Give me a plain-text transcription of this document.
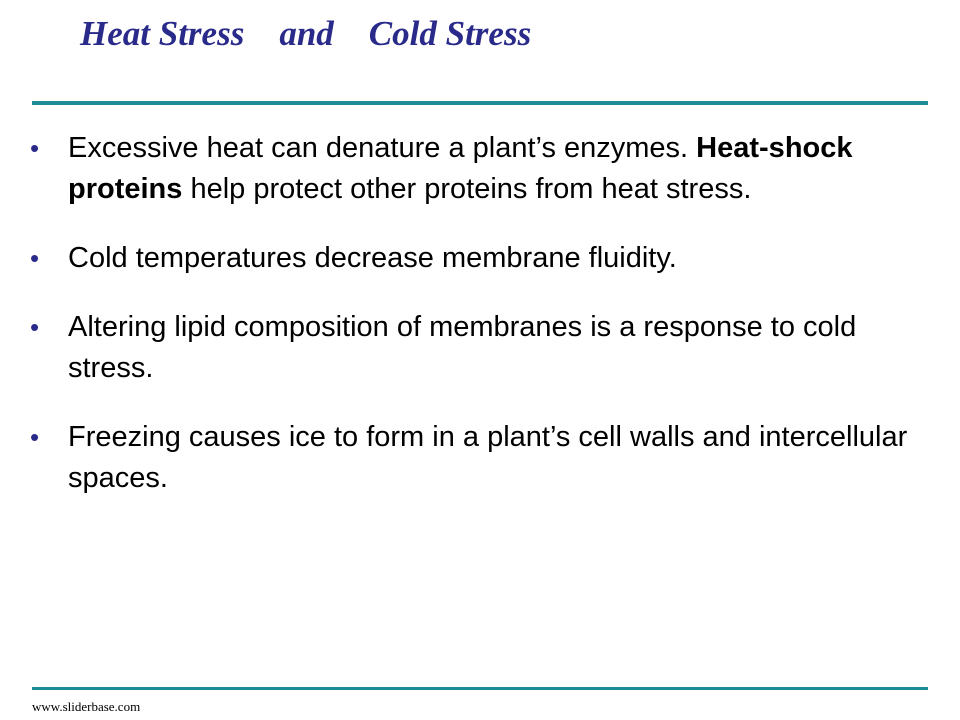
Heat Stress    and    Cold Stress
• Excessive heat can denature a plant’s enzymes. Heat-shock proteins help protect other proteins from heat stress.
• Cold temperatures decrease membrane fluidity.
• Altering lipid composition of membranes is a response to cold stress.
• Freezing causes ice to form in a plant’s cell walls and intercellular spaces.
www.sliderbase.com
